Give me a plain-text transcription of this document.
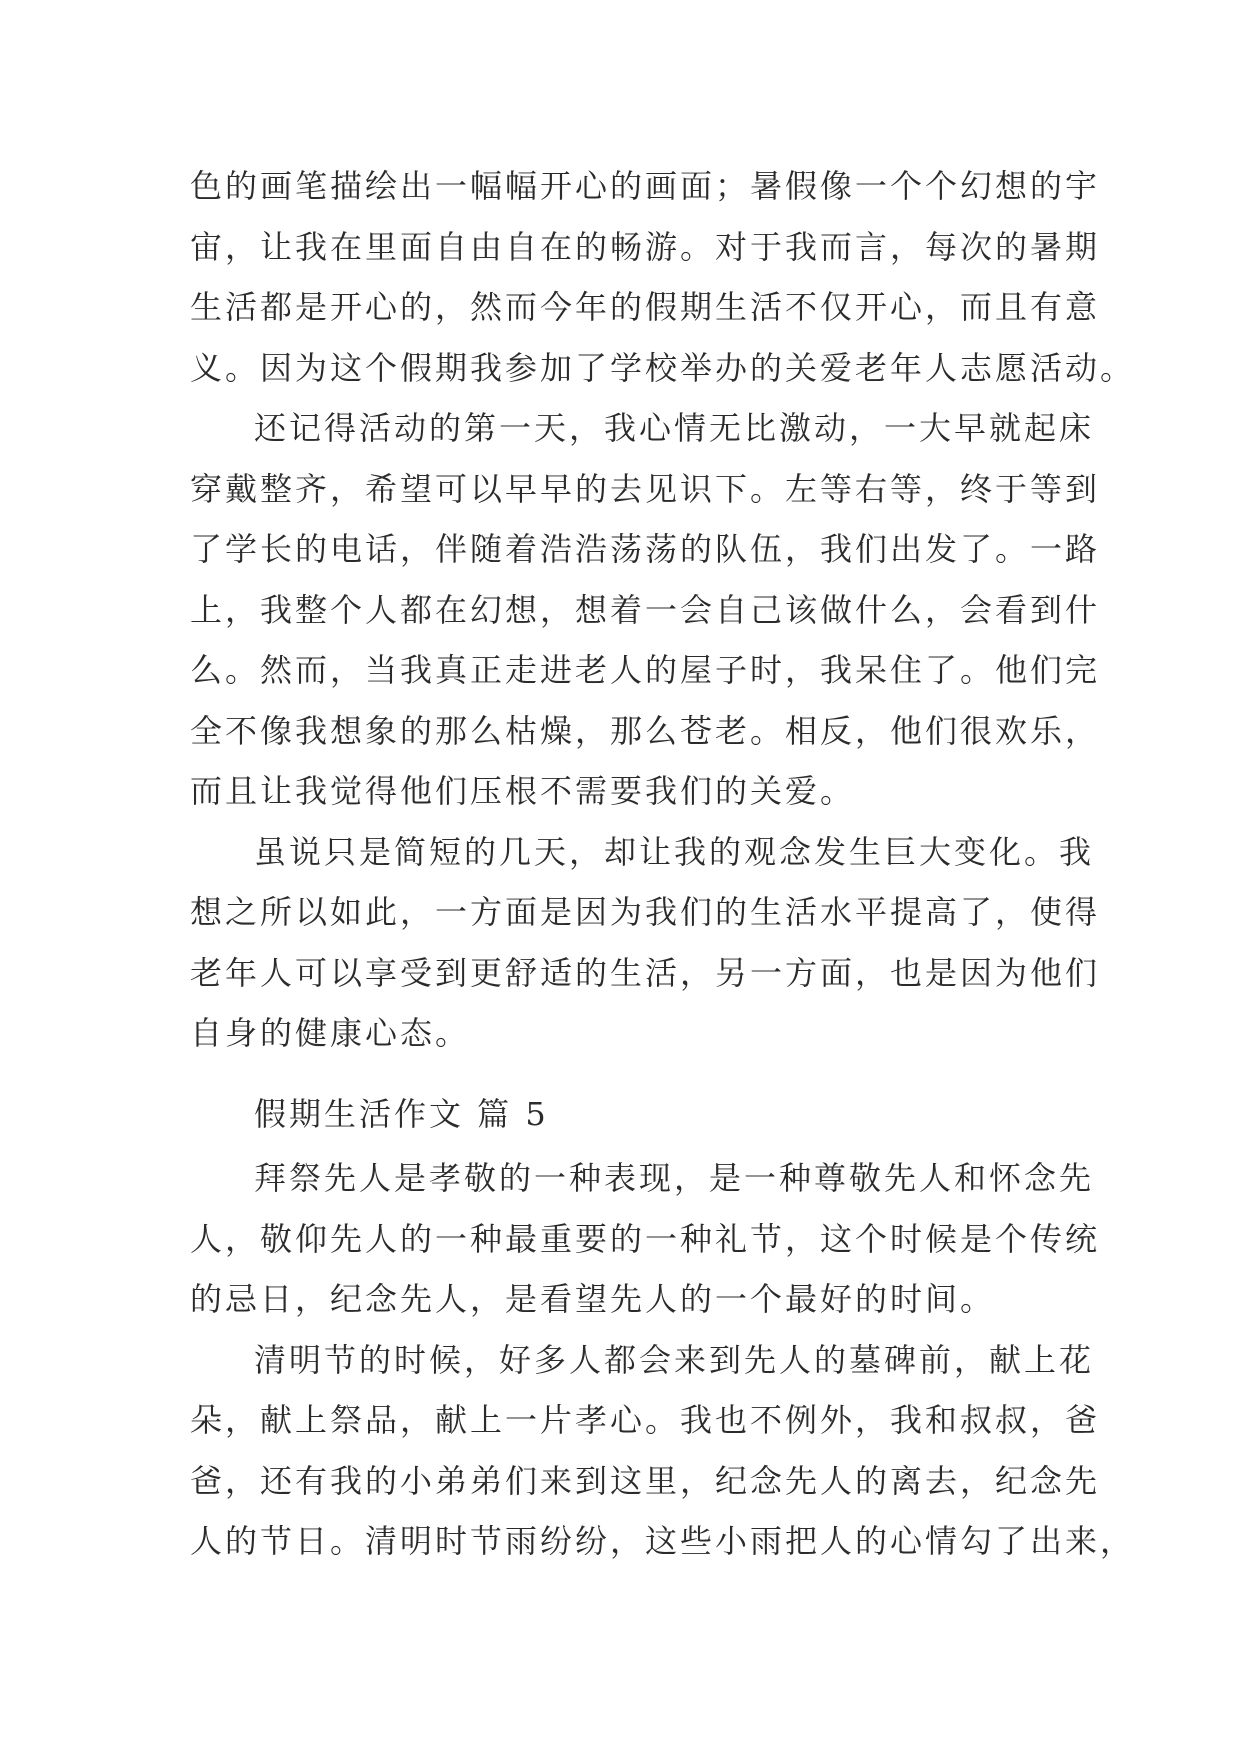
色的画笔描绘出一幅幅开心的画面；暑假像一个个幻想的宇
宙，让我在里面自由自在的畅游。对于我而言，每次的暑期
生活都是开心的，然而今年的假期生活不仅开心，而且有意
义。因为这个假期我参加了学校举办的关爱老年人志愿活动。
还记得活动的第一天，我心情无比激动，一大早就起床
穿戴整齐，希望可以早早的去见识下。左等右等，终于等到
了学长的电话，伴随着浩浩荡荡的队伍，我们出发了。一路
上，我整个人都在幻想，想着一会自己该做什么，会看到什
么。然而，当我真正走进老人的屋子时，我呆住了。他们完
全不像我想象的那么枯燥，那么苍老。相反，他们很欢乐，
而且让我觉得他们压根不需要我们的关爱。
虽说只是简短的几天，却让我的观念发生巨大变化。我
想之所以如此，一方面是因为我们的生活水平提高了，使得
老年人可以享受到更舒适的生活，另一方面，也是因为他们
自身的健康心态。
假期生活作文 篇 5
拜祭先人是孝敬的一种表现，是一种尊敬先人和怀念先
人，敬仰先人的一种最重要的一种礼节，这个时候是个传统
的忌日，纪念先人，是看望先人的一个最好的时间。
清明节的时候，好多人都会来到先人的墓碑前，献上花
朵，献上祭品，献上一片孝心。我也不例外，我和叔叔，爸
爸，还有我的小弟弟们来到这里，纪念先人的离去，纪念先
人的节日。清明时节雨纷纷，这些小雨把人的心情勾了出来，
